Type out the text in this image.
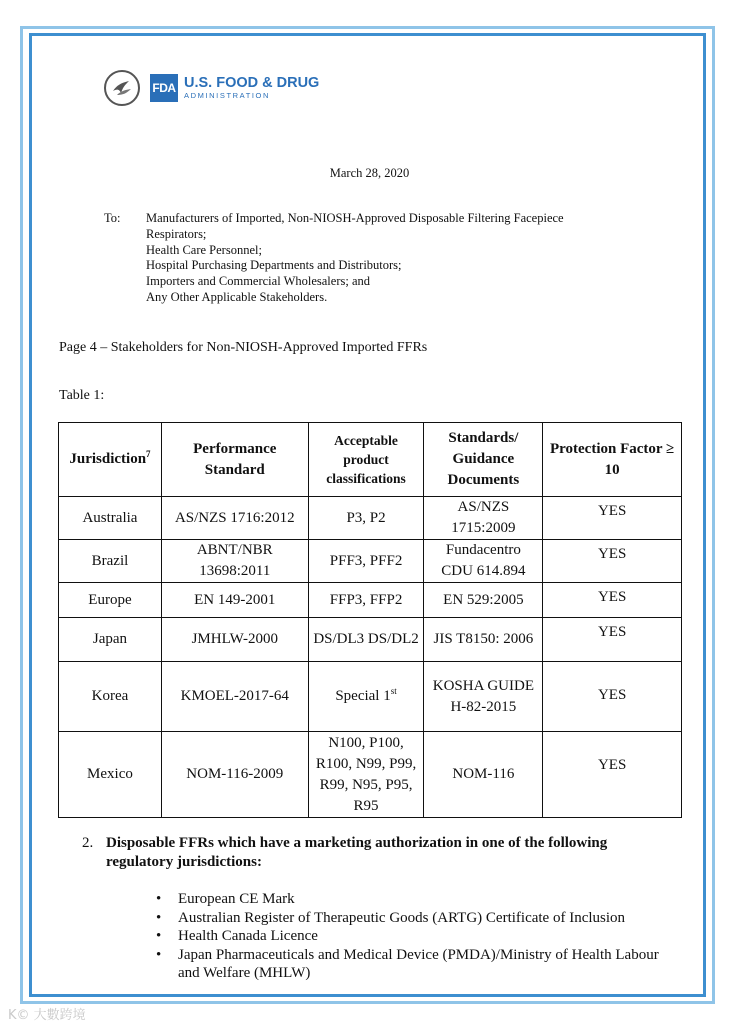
FDA U.S. FOOD & DRUG
ADMINISTRATION
March 28, 2020
To: Manufacturers of Imported, Non-NIOSH-Approved Disposable Filtering Facepiece Respirators;
Health Care Personnel;
Hospital Purchasing Departments and Distributors;
Importers and Commercial Wholesalers; and
Any Other Applicable Stakeholders.
Page 4 – Stakeholders for Non-NIOSH-Approved Imported FFRs
Table 1:
Jurisdiction$^7$	Performance Standard	Acceptable product classifications	Standards/ Guidance Documents	Protection Factor ≥ 10
Australia	AS/NZS 1716:2012	P3, P2	AS/NZS 1715:2009	YES
Brazil	ABNT/NBR 13698:2011	PFF3, PFF2	Fundacentro CDU 614.894	YES
Europe	EN 149-2001	FFP3, FFP2	EN 529:2005	YES
Japan	JMHLW-2000	DS/DL3 DS/DL2	JIS T8150: 2006	YES
Korea	KMOEL-2017-64	Special 1st	KOSHA GUIDE H-82-2015	YES
Mexico	NOM-116-2009	N100, P100, R100, N99, P99, R99, N95, P95, R95	NOM-116	YES
2. Disposable FFRs which have a marketing authorization in one of the following regulatory jurisdictions:
• European CE Mark
• Australian Register of Therapeutic Goods (ARTG) Certificate of Inclusion
• Health Canada Licence
• Japan Pharmaceuticals and Medical Device (PMDA)/Ministry of Health Labour and Welfare (MHLW)
K© 大數跨境
